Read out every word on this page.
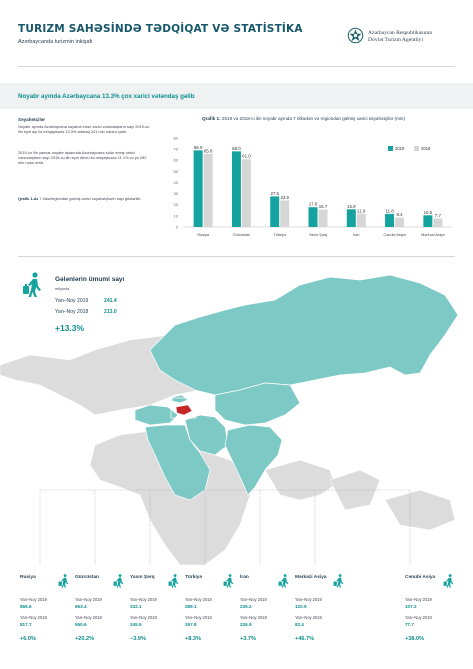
TURIZM SAHƏSİNDƏ TƏDQİQAT VƏ STATİSTİKA
Azərbaycanda turizmin inkişafı
Azərbaycan Respublikasının
Dövlət Turizm Agentliyi
Noyabr ayında Azərbaycana 13.3% çox xarici vətəndaş gəlib
Səyahətçilər
Noyabr ayında Azərbaycana səyahət edən xarici vətəndaşların sayı 2019-cu ilin eyni ayı ilə müqayisədə 13.3% artaraq 241 min nəfərə çatıb.
2019-cu ilin yanvar-noyabr aylarında Azərbaycana səfər etmiş xarici vətəndaşların sayı 2019-cu ilin eyni dövrü ilə müqayisədə 11.1% və ya 282 min nəfər artıb.
Qrafik 1-də 7 ölkə/regiondan gəlmiş xarici səyahətçilərin sayı göstərilib.
Qrafik 1: 2019 və 2018-ci ilin noyabr ayında 7 ölkədən və regiondan gəlmiş xarici səyahətçilər (min)
2019	2018
0
10
20
30
40
50
60
70
80
68.9
65.8
Rusiya
68.0
61.0
Gürcüstan
27.5
23.9
Türkiyə
17.8 15.7
Yaxın Şərq
15.9
11.9
İran
11.8
8.4
Cənubi Asiya
10.5
7.7
Mərkəzi Asiya
Gələnlərin ümumi sayı
milyonla
Yan–Noy 2019	241.4
Yan–Noy 2018	213.0
+13.3%
Rusiya
Yan–Noy 2019
866.6
Yan–Noy 2018
817.7
+6.0%
Gürcüstan
Yan–Noy 2019
663.4
Yan–Noy 2018
550.6
+20.2%
Yaxın Şərq
Yan–Noy 2019
332.1
Yan–Noy 2018
345.5
−3.9%
Türkiyə
Yan–Noy 2019
289.1
Yan–Noy 2018
267.8
+8.3%
İran
Yan–Noy 2019
235.2
Yan–Noy 2018
226.9
+3.7%
Mərkəzi Asiya
Yan–Noy 2019
120.9
Yan–Noy 2018
82.4
+46.7%
Cənubi Asiya
Yan–Noy 2019
107.2
Yan–Noy 2018
77.7
+38.0%
